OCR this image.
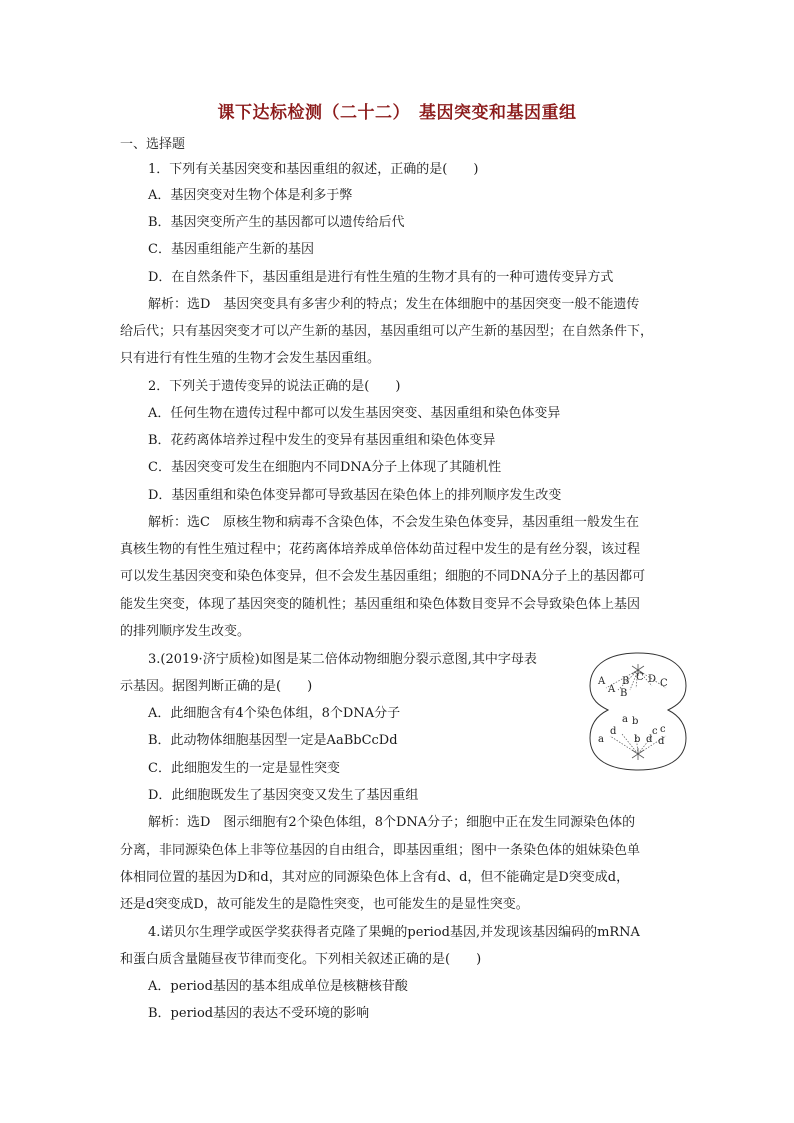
课下达标检测（二十二）　基因突变和基因重组
一、选择题
1．下列有关基因突变和基因重组的叙述，正确的是(　　)
A．基因突变对生物个体是利多于弊
B．基因突变所产生的基因都可以遗传给后代
C．基因重组能产生新的基因
D．在自然条件下，基因重组是进行有性生殖的生物才具有的一种可遗传变异方式
解析：选D　基因突变具有多害少利的特点；发生在体细胞中的基因突变一般不能遗传
给后代；只有基因突变才可以产生新的基因，基因重组可以产生新的基因型；在自然条件下，
只有进行有性生殖的生物才会发生基因重组。
2．下列关于遗传变异的说法正确的是(　　)
A．任何生物在遗传过程中都可以发生基因突变、基因重组和染色体变异
B．花药离体培养过程中发生的变异有基因重组和染色体变异
C．基因突变可发生在细胞内不同DNA分子上体现了其随机性
D．基因重组和染色体变异都可导致基因在染色体上的排列顺序发生改变
解析：选C　原核生物和病毒不含染色体，不会发生染色体变异，基因重组一般发生在
真核生物的有性生殖过程中；花药离体培养成单倍体幼苗过程中发生的是有丝分裂，该过程
可以发生基因突变和染色体变异，但不会发生基因重组；细胞的不同DNA分子上的基因都可
能发生突变，体现了基因突变的随机性；基因重组和染色体数目变异不会导致染色体上基因
的排列顺序发生改变。
3.(2019·济宁质检)如图是某二倍体动物细胞分裂示意图,其中字母表
示基因。据图判断正确的是(　　)
A．此细胞含有4个染色体组，8个DNA分子
B．此动物体细胞基因型一定是AaBbCcDd
C．此细胞发生的一定是显性突变
D．此细胞既发生了基因突变又发生了基因重组
解析：选D　图示细胞有2个染色体组，8个DNA分子；细胞中正在发生同源染色体的
分离，非同源染色体上非等位基因的自由组合，即基因重组；图中一条染色体的姐妹染色单
体相同位置的基因为D和d，其对应的同源染色体上含有d、d，但不能确定是D突变成d，
还是d突变成D，故可能发生的是隐性突变，也可能发生的是显性突变。
A B C D C
A B
a
a
b
c c
d
b d
d
4.诺贝尔生理学或医学奖获得者克隆了果蝇的period基因,并发现该基因编码的mRNA
和蛋白质含量随昼夜节律而变化。下列相关叙述正确的是(　　)
A．period基因的基本组成单位是核糖核苷酸
B．period基因的表达不受环境的影响
